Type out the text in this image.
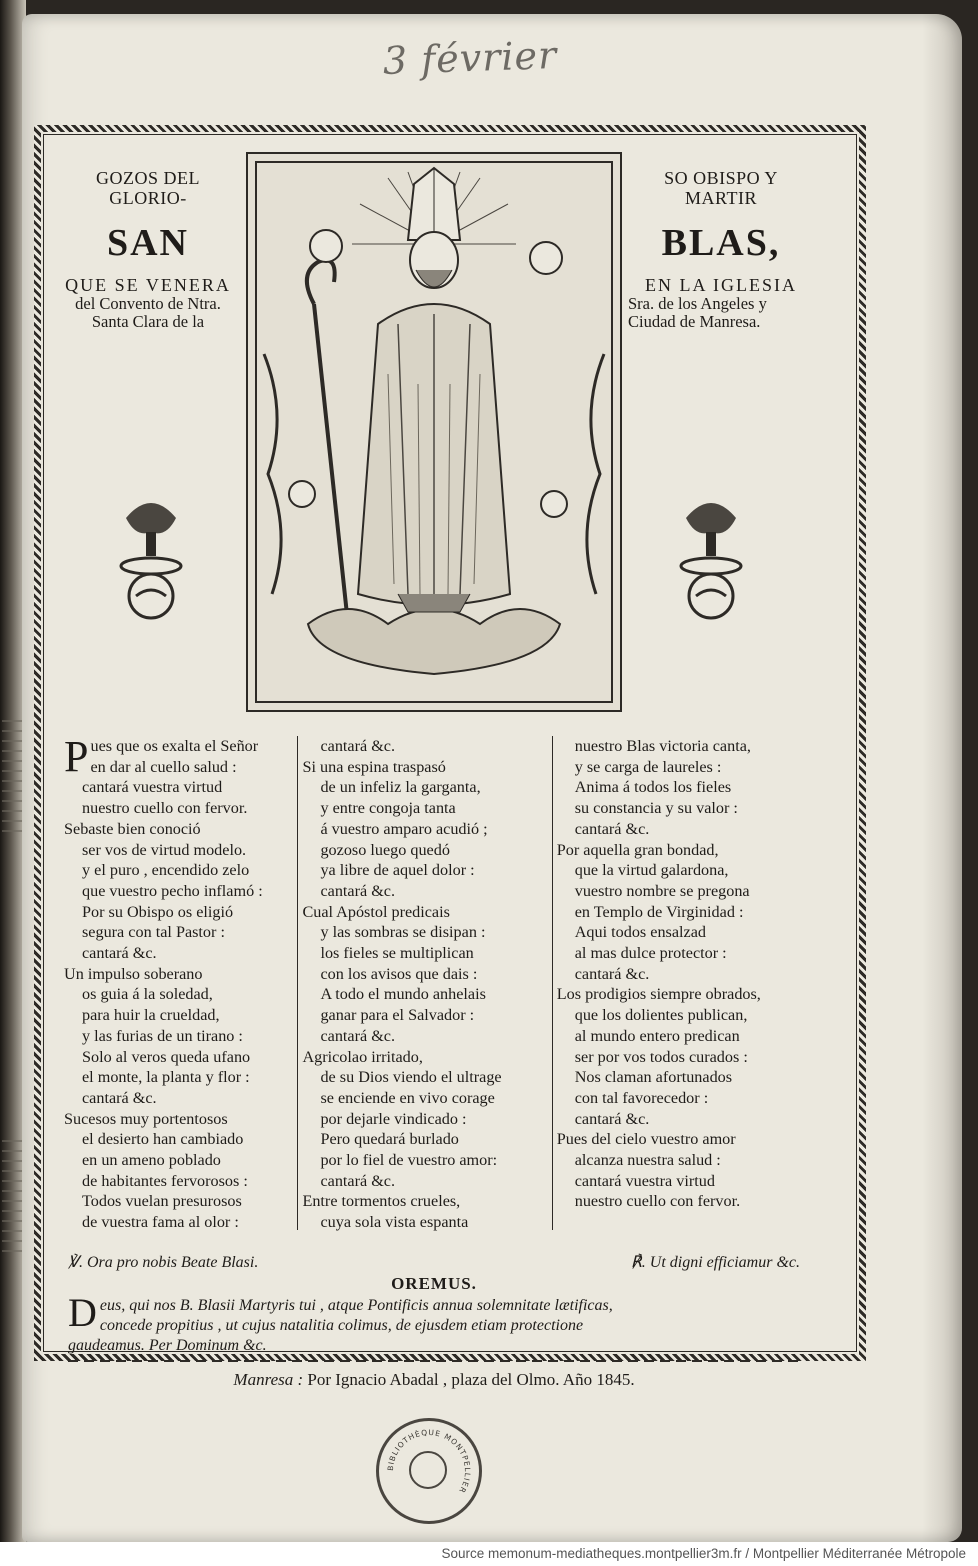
3 février
GOZOS DEL GLORIO-
SAN
QUE SE VENERA
del Convento de Ntra.
Santa Clara de la
SO OBISPO Y MARTIR
BLAS,
EN LA IGLESIA
Sra. de los Angeles y
Ciudad de Manresa.
P ues que os exalta el Señor
en dar al cuello salud :
cantará vuestra virtud
nuestro cuello con fervor.
Sebaste bien conoció
ser vos de virtud modelo.
y el puro , encendido zelo
que vuestro pecho inflamó :
Por su Obispo os eligió
segura con tal Pastor :
cantará &c.
Un impulso soberano
os guia á la soledad,
para huir la crueldad,
y las furias de un tirano :
Solo al veros queda ufano
el monte, la planta y flor :
cantará &c.
Sucesos muy portentosos
el desierto han cambiado
en un ameno poblado
de habitantes fervorosos :
Todos vuelan presurosos
de vuestra fama al olor :
cantará &c.
Si una espina traspasó
de un infeliz la garganta,
y entre congoja tanta
á vuestro amparo acudió ;
gozoso luego quedó
ya libre de aquel dolor :
cantará &c.
Cual Apóstol predicais
y las sombras se disipan :
los fieles se multiplican
con los avisos que dais :
A todo el mundo anhelais
ganar para el Salvador :
cantará &c.
Agricolao irritado,
de su Dios viendo el ultrage
se enciende en vivo corage
por dejarle vindicado :
Pero quedará burlado
por lo fiel de vuestro amor:
cantará &c.
Entre tormentos crueles,
cuya sola vista espanta
nuestro Blas victoria canta,
y se carga de laureles :
Anima á todos los fieles
su constancia y su valor :
cantará &c.
Por aquella gran bondad,
que la virtud galardona,
vuestro nombre se pregona
en Templo de Virginidad :
Aqui todos ensalzad
al mas dulce protector :
cantará &c.
Los prodigios siempre obrados,
que los dolientes publican,
al mundo entero predican
ser por vos todos curados :
Nos claman afortunados
con tal favorecedor :
cantará &c.
Pues del cielo vuestro amor
alcanza nuestra salud :
cantará vuestra virtud
nuestro cuello con fervor.
℣. Ora pro nobis Beate Blasi.	℟. Ut digni efficiamur &c.
OREMUS.
D eus, qui nos B. Blasii Martyris tui , atque Pontificis annua solemnitate lætificas,
concede propitius , ut cujus natalitia colimus, de ejusdem etiam protectione
gaudeamus. Per Dominum &c.
Manresa : Por Ignacio Abadal , plaza del Olmo. Año 1845.
BIBLIOTHÈQUE MONTPELLIER
Source memonum-mediatheques.montpellier3m.fr / Montpellier Méditerranée Métropole
